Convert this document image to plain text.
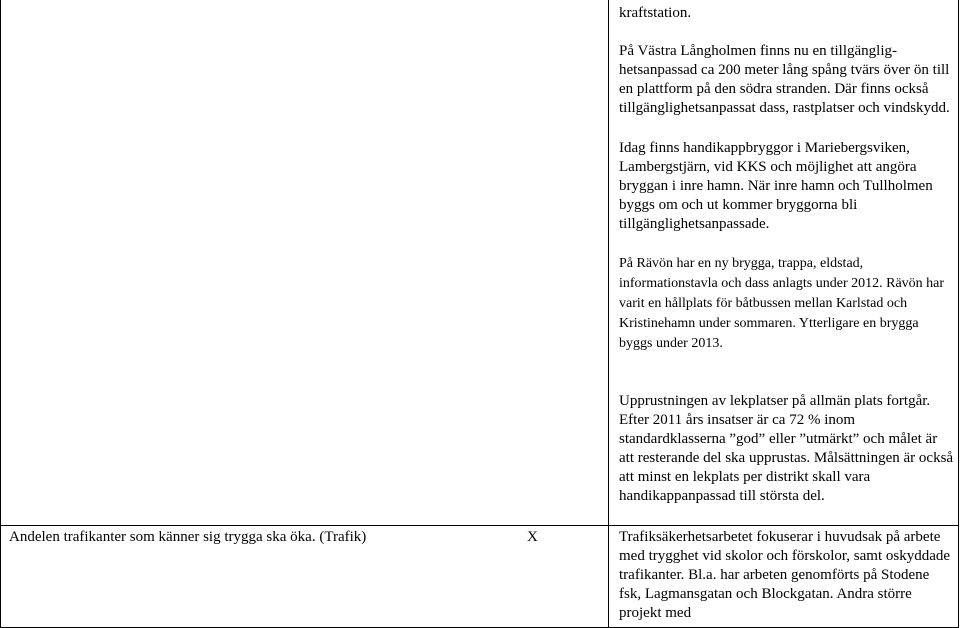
kraftstation.

På Västra Långholmen finns nu en tillgänglig-hetsanpassad ca 200 meter lång spång tvärs över ön till en plattform på den södra stranden. Där finns också tillgänglighetsanpassat dass, rastplatser och vindskydd.

Idag finns handikappbryggor i Mariebergsviken, Lambergstjärn, vid KKS och möjlighet att angöra bryggan i inre hamn. När inre hamn och Tullholmen byggs om och ut kommer bryggorna bli tillgänglighetsanpassade.

På Rävön har en ny brygga, trappa, eldstad, informationstavla och dass anlagts under 2012. Rävön har varit en hållplats för båtbussen mellan Karlstad och Kristinehamn under sommaren. Ytterligare en brygga byggs under 2013.

Upprustningen av lekplatser på allmän plats fortgår. Efter 2011 års insatser är ca 72 % inom standardklasserna ”god” eller ”utmärkt” och målet är att resterande del ska upprustas. Målsättningen är också att minst en lekplats per distrikt skall vara handikappanpassad till största del.

Trafiksäkerhetsarbetet fokuserar i huvudsak på arbete med trygghet vid skolor och förskolor, samt oskyddade trafikanter. Bl.a. har arbeten genomförts på Stodene fsk, Lagmansgatan och Blockgatan. Andra större projekt med

Andelen trafikanter som känner sig trygga ska öka. (Trafik)	X
